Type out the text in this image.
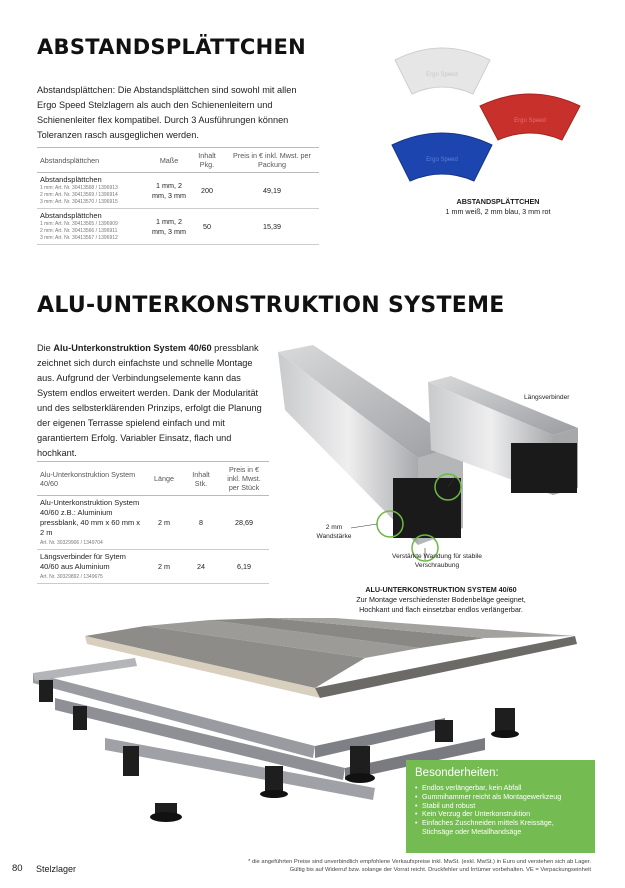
ABSTANDSPLÄTTCHEN

Abstandsplättchen: Die Abstandsplättchen sind sowohl mit allen Ergo Speed Stelzlagern als auch den Schienenleitern und Schienenleiter flex kompatibel. Durch 3 Ausführungen können Toleranzen rasch ausgeglichen werden.

Abstandsplättchen	Maße	Inhalt Pkg.	Preis in € inkl. Mwst. per Packung

Abstandsplättchen
1 mm: Art. Nr. 30413568 / 1396913
2 mm: Art. Nr. 30413569 / 1396914
3 mm: Art. Nr. 30413570 / 1396915	1 mm, 2 mm, 3 mm	200	49,19

Abstandsplättchen
1 mm: Art. Nr. 30413565 / 1396909
2 mm: Art. Nr. 30413566 / 1396911
3 mm: Art. Nr. 30413567 / 1396912	1 mm, 2 mm, 3 mm	50	15,39
Ergo Speed
Ergo Speed
Ergo Speed
ABSTANDSPLÄTTCHEN
1 mm weiß, 2 mm blau, 3 mm rot
ALU-UNTERKONSTRUKTION SYSTEME

Die Alu-Unterkonstruktion System 40/60 pressblank zeichnet sich durch einfachste und schnelle Montage aus. Aufgrund der Verbindungselemente kann das System endlos erweitert werden. Dank der Modularität und des selbsterklärenden Prinzips, erfolgt die Planung der eigenen Terrasse spielend einfach und mit garantiertem Erfolg. Variabler Einsatz, flach und hochkant.

Alu-Unterkonstruktion System 40/60	Länge	Inhalt Stk.	Preis in € inkl. Mwst. per Stück

Alu-Unterkonstruktion System 40/60 z.B.: Aluminium pressblank, 40 mm x 60 mm x 2 m
Art. Nr. 30329906 / 1349704	2 m	8	28,69

Längsverbinder für Sytem 40/60 aus Aluminium
Art. Nr. 30329892 / 1349675	2 m	24	6,19
Längsverbinder
2 mm Wandstärke
Verstärkte Wandung für stabile Verschraubung
ALU-UNTERKONSTRUKTION SYSTEM 40/60
Zur Montage verschiedenster Bodenbeläge geeignet, Hochkant und flach einsetzbar endlos verlängerbar.
Besonderheiten:
• Endlos verlängerbar, kein Abfall
• Gummihammer reicht als Montagewerkzeug
• Stabil und robust
• Kein Verzug der Unterkonstruktion
• Einfaches Zuschneiden mittels Kreissäge, Stichsäge oder Metallhandsäge
80 Stelzlager
* die angeführten Preise sind unverbindlich empfohlene Verkaufspreise inkl. MwSt. (exkl. MwSt.) in Euro und verstehen sich ab Lager.
Gültig bis auf Widerruf bzw. solange der Vorrat reicht. Druckfehler und Irrtümer vorbehalten. VE = Verpackungseinheit
